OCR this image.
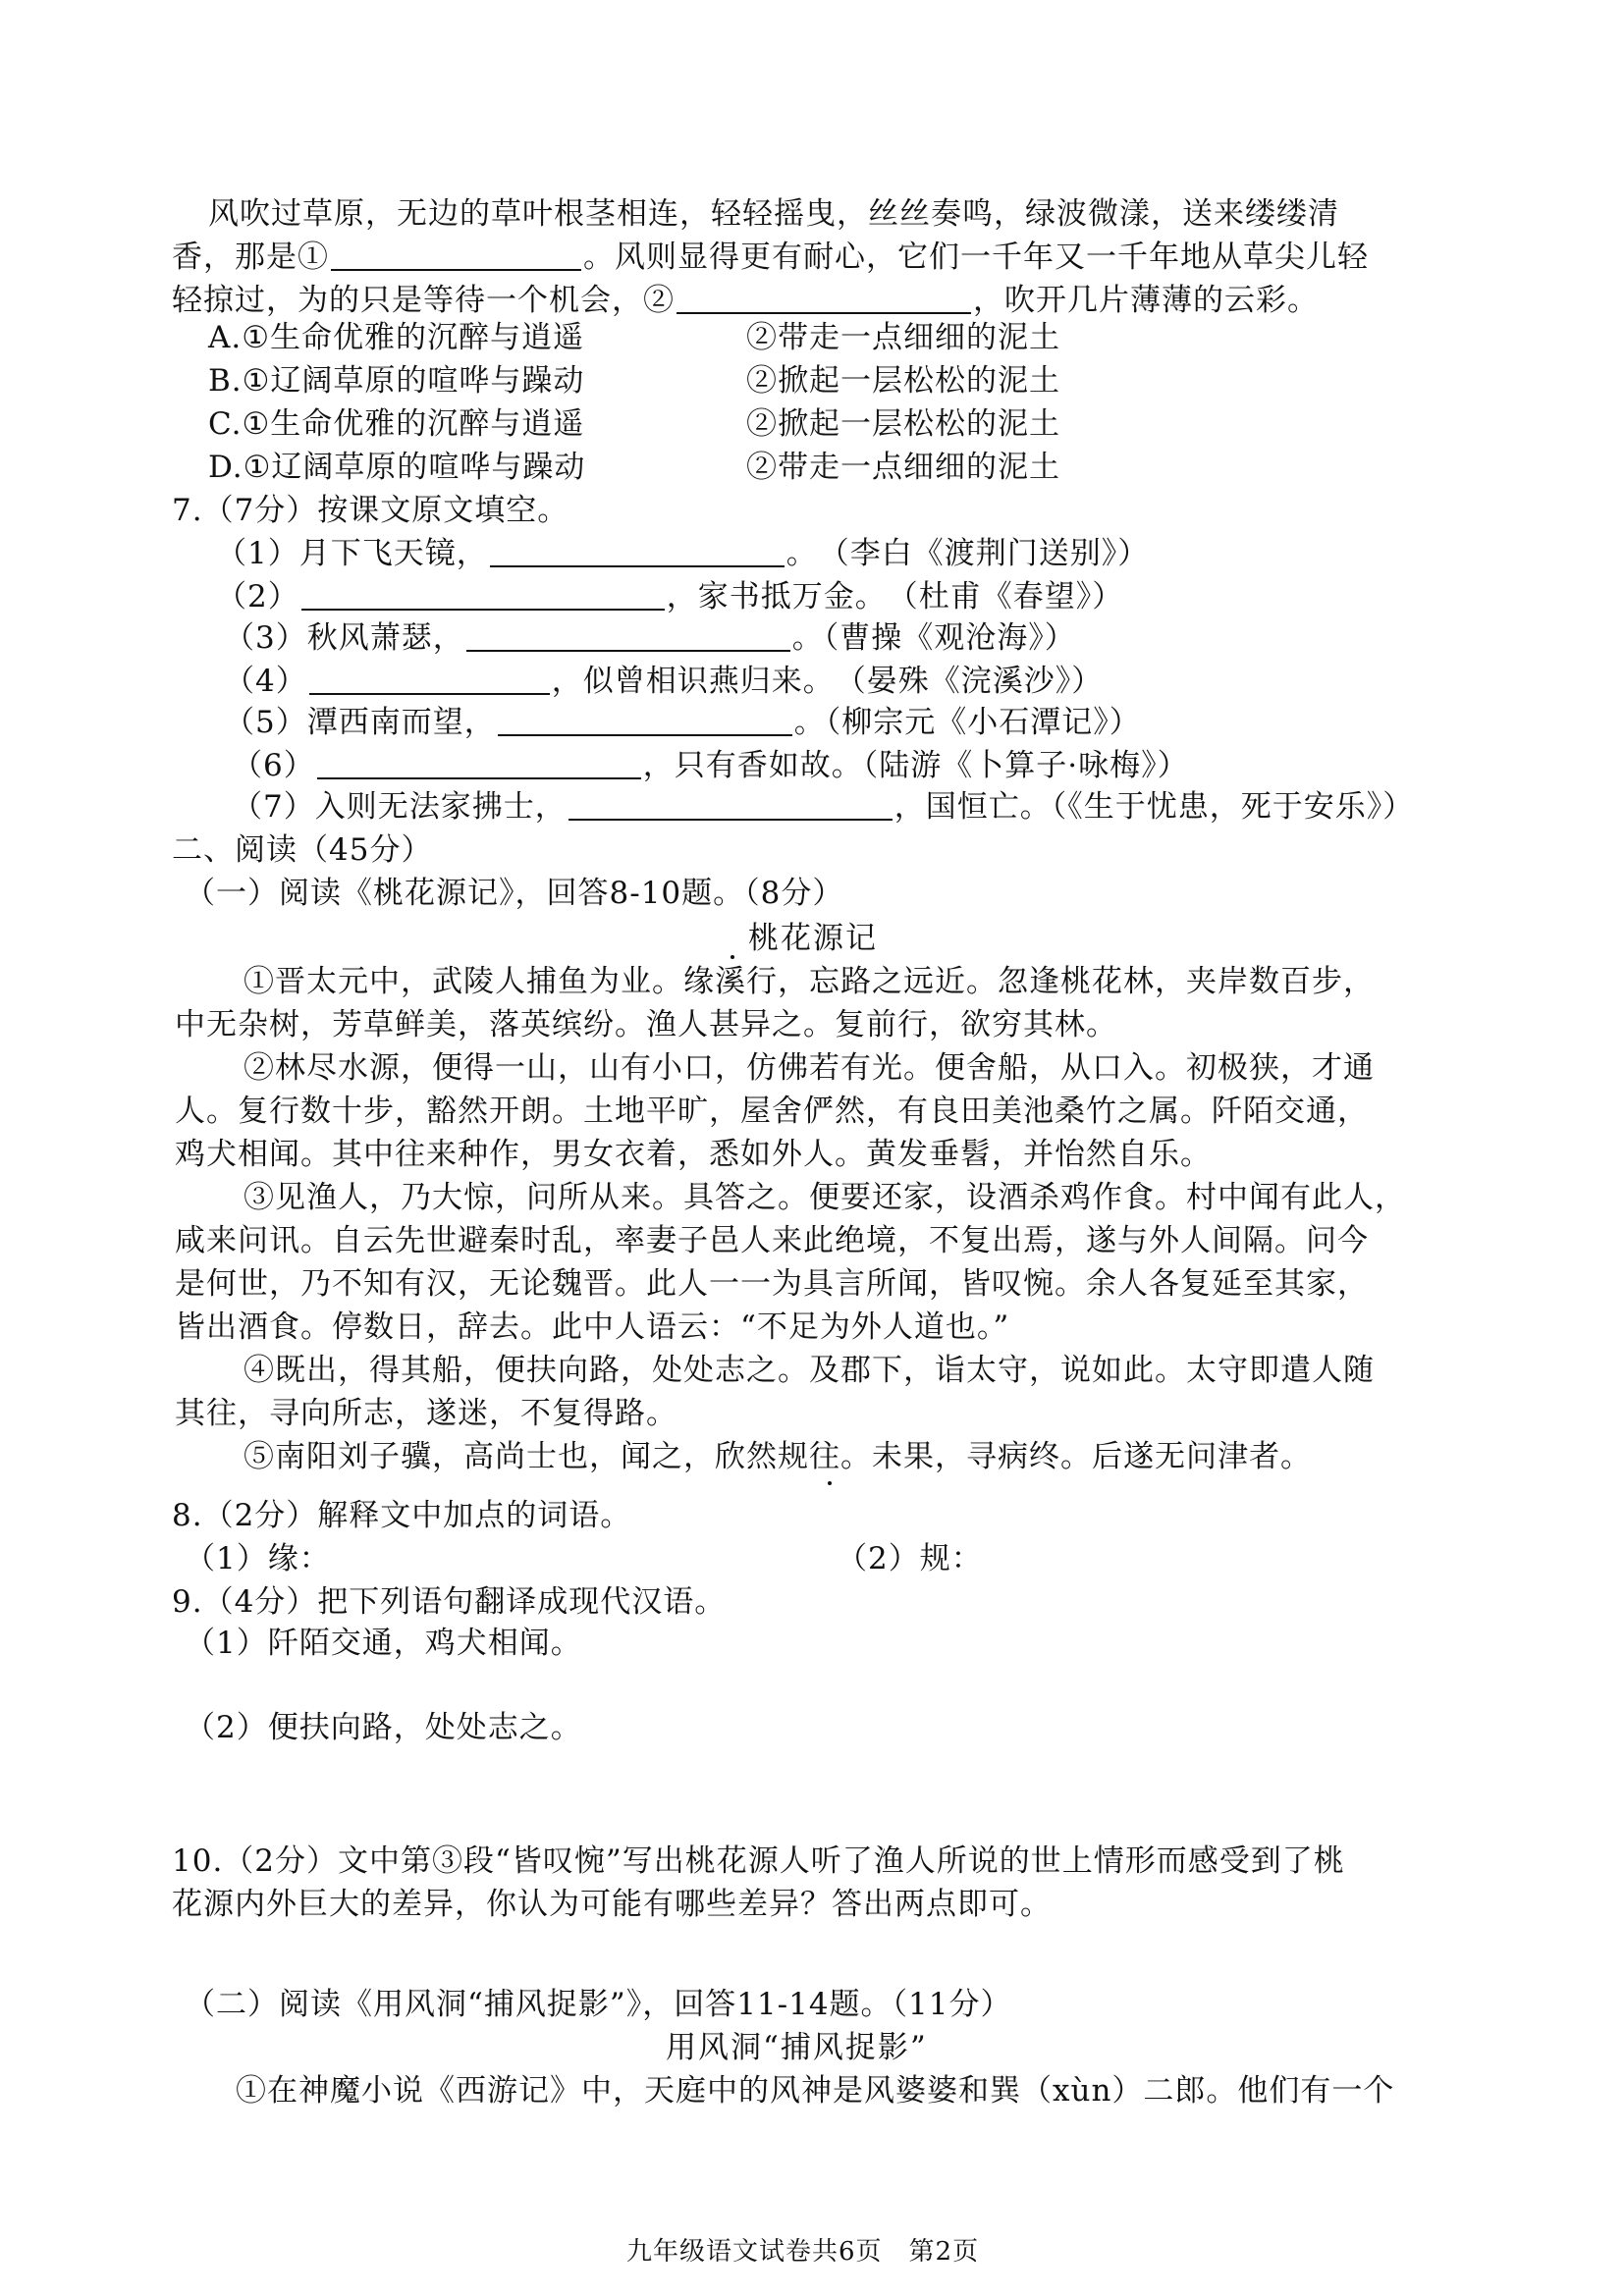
风吹过草原，无边的草叶根茎相连，轻轻摇曳，丝丝奏鸣，绿波微漾，送来缕缕清
香，那是①	。风则显得更有耐心，它们一千年又一千年地从草尖儿轻
轻掠过，为的只是等待一个机会，②	，吹开几片薄薄的云彩。
A.①生命优雅的沉醉与逍遥	②带走一点细细的泥土
B.①辽阔草原的喧哗与躁动	②掀起一层松松的泥土
C.①生命优雅的沉醉与逍遥	②掀起一层松松的泥土
D.①辽阔草原的喧哗与躁动	②带走一点细细的泥土
7.（7分）按课文原文填空。
（1）月下飞天镜，	。　（李白《渡荆门送别》）
（2）	，家书抵万金。　（杜甫《春望》）
（3）秋风萧瑟，	。（曹操《观沧海》）
（4）	，似曾相识燕归来。　（晏殊《浣溪沙》）
（5）潭西南而望，	。（柳宗元《小石潭记》）
（6）	，只有香如故。（陆游《卜算子·咏梅》）
（7）入则无法家拂士，	，国恒亡。（《生于忧患，死于安乐》）
二、阅读（45分）
（一）阅读《桃花源记》，回答8-10题。（8分）
桃花源记
①晋太元中，武陵人捕鱼为业。缘溪行，忘路之远近。忽逢桃花林，夹岸数百步，
中无杂树，芳草鲜美，落英缤纷。渔人甚异之。复前行，欲穷其林。
②林尽水源，便得一山，山有小口，仿佛若有光。便舍船，从口入。初极狭，才通
人。复行数十步，豁然开朗。土地平旷，屋舍俨然，有良田美池桑竹之属。阡陌交通，
鸡犬相闻。其中往来种作，男女衣着，悉如外人。黄发垂髫，并怡然自乐。
③见渔人，乃大惊，问所从来。具答之。便要还家，设酒杀鸡作食。村中闻有此人，
咸来问讯。自云先世避秦时乱，率妻子邑人来此绝境，不复出焉，遂与外人间隔。问今
是何世，乃不知有汉，无论魏晋。此人一一为具言所闻，皆叹惋。余人各复延至其家，
皆出酒食。停数日，辞去。此中人语云：“不足为外人道也。”
④既出，得其船，便扶向路，处处志之。及郡下，诣太守，说如此。太守即遣人随
其往，寻向所志，遂迷，不复得路。
⑤南阳刘子骥，高尚士也，闻之，欣然规往。未果，寻病终。后遂无问津者。
8.（2分）解释文中加点的词语。
（1）缘：	（2）规：
9.（4分）把下列语句翻译成现代汉语。
（1）阡陌交通，鸡犬相闻。
（2）便扶向路，处处志之。
10.（2分）文中第③段“皆叹惋”写出桃花源人听了渔人所说的世上情形而感受到了桃
花源内外巨大的差异，你认为可能有哪些差异？答出两点即可。
（二）阅读《用风洞“捕风捉影”》，回答11-14题。（11分）
用风洞“捕风捉影”
①在神魔小说《西游记》中，天庭中的风神是风婆婆和巽（xùn）二郎。他们有一个
九年级语文试卷共6页　第2页
